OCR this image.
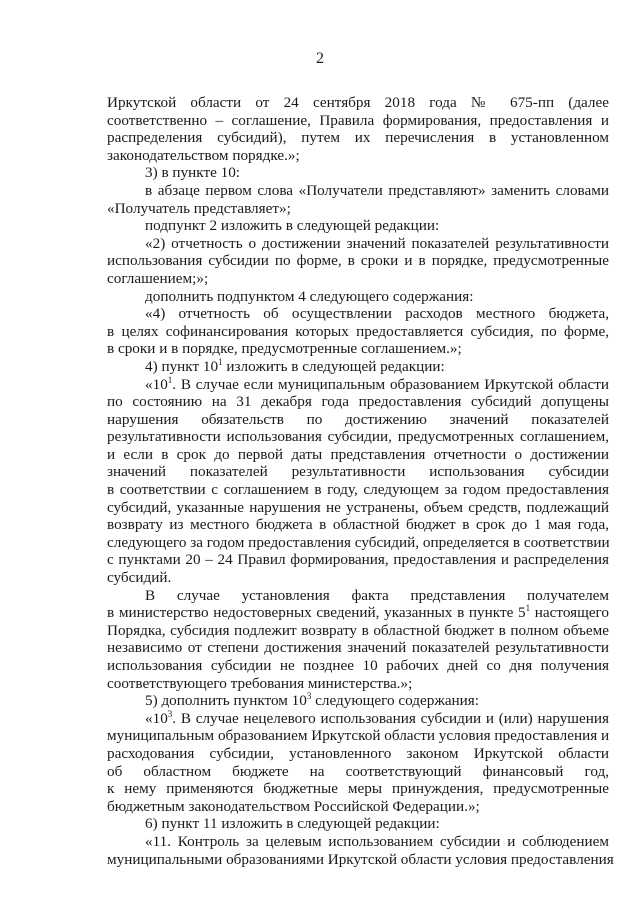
2
Иркутской области от 24 сентября 2018 года № 675-пп (далее
соответственно – соглашение, Правила формирования, предоставления и
распределения субсидий), путем их перечисления в установленном
законодательством порядке.»;
3) в пункте 10:
в абзаце первом слова «Получатели представляют» заменить словами
«Получатель представляет»;
подпункт 2 изложить в следующей редакции:
«2) отчетность о достижении значений показателей результативности
использования субсидии по форме, в сроки и в порядке, предусмотренные
соглашением;»;
дополнить подпунктом 4 следующего содержания:
«4) отчетность об осуществлении расходов местного бюджета,
в целях софинансирования которых предоставляется субсидия, по форме,
в сроки и в порядке, предусмотренные соглашением.»;
4) пункт $10^1$ изложить в следующей редакции:
«$10^1$. В случае если муниципальным образованием Иркутской области
по состоянию на 31 декабря года предоставления субсидий допущены
нарушения обязательств по достижению значений показателей
результативности использования субсидии, предусмотренных соглашением,
и если в срок до первой даты представления отчетности о достижении
значений показателей результативности использования субсидии
в соответствии с соглашением в году, следующем за годом предоставления
субсидий, указанные нарушения не устранены, объем средств, подлежащий
возврату из местного бюджета в областной бюджет в срок до 1 мая года,
следующего за годом предоставления субсидий, определяется в соответствии
с пунктами 20 – 24 Правил формирования, предоставления и распределения
субсидий.
В случае установления факта представления получателем
в министерство недостоверных сведений, указанных в пункте $5^1$ настоящего
Порядка, субсидия подлежит возврату в областной бюджет в полном объеме
независимо от степени достижения значений показателей результативности
использования субсидии не позднее 10 рабочих дней со дня получения
соответствующего требования министерства.»;
5) дополнить пунктом $10^3$ следующего содержания:
«$10^3$. В случае нецелевого использования субсидии и (или) нарушения
муниципальным образованием Иркутской области условия предоставления и
расходования субсидии, установленного законом Иркутской области
об областном бюджете на соответствующий финансовый год,
к нему применяются бюджетные меры принуждения, предусмотренные
бюджетным законодательством Российской Федерации.»;
6) пункт 11 изложить в следующей редакции:
«11. Контроль за целевым использованием субсидии и соблюдением
муниципальными образованиями Иркутской области условия предоставления
